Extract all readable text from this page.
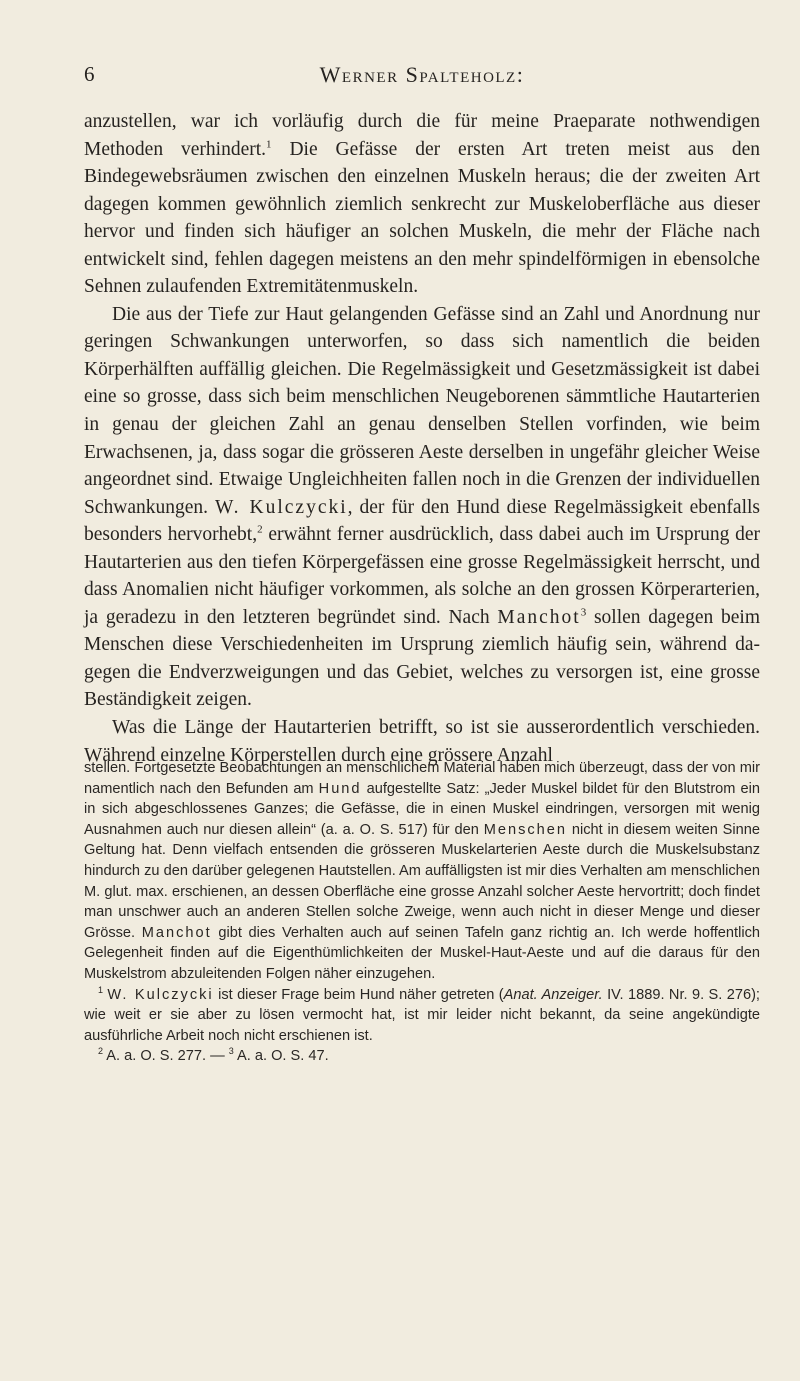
6	Werner Spalteholz:

anzustellen, war ich vorläufig durch die für meine Praeparate nothwendigen Methoden verhindert.$^1$ Die Gefässe der ersten Art treten meist aus den Bindegewebsräumen zwischen den einzelnen Muskeln heraus; die der zweiten Art dagegen kommen gewöhnlich ziemlich senkrecht zur Muskeloberfläche aus dieser hervor und finden sich häufiger an solchen Muskeln, die mehr der Fläche nach entwickelt sind, fehlen dagegen meistens an den mehr spindelförmigen in ebensolche Sehnen zulaufenden Extremitätenmuskeln.

Die aus der Tiefe zur Haut gelangenden Gefässe sind an Zahl und Anordnung nur geringen Schwankungen unterworfen, so dass sich namentlich die beiden Körperhälften auffällig gleichen. Die Regelmässigkeit und Gesetzmässigkeit ist dabei eine so grosse, dass sich beim menschlichen Neugeborenen sämmtliche Hautarterien in genau der gleichen Zahl an genau denselben Stellen vorfinden, wie beim Erwachsenen, ja, dass sogar die grösseren Aeste derselben in ungefähr gleicher Weise angeordnet sind. Etwaige Ungleichheiten fallen noch in die Grenzen der individuellen Schwankungen. W. Kulczycki, der für den Hund diese Regelmässigkeit ebenfalls besonders hervorhebt,$^2$ erwähnt ferner ausdrücklich, dass dabei auch im Ursprung der Hautarterien aus den tiefen Körpergefässen eine grosse Regelmässigkeit herrscht, und dass Anomalien nicht häufiger vorkommen, als solche an den grossen Körperarterien, ja geradezu in den letzteren begründet sind. Nach Manchot$^3$ sollen dagegen beim Menschen diese Verschiedenheiten im Ursprung ziemlich häufig sein, während dagegen die Endverzweigungen und das Gebiet, welches zu versorgen ist, eine grosse Beständigkeit zeigen.

Was die Länge der Hautarterien betrifft, so ist sie ausserordentlich verschieden. Während einzelne Körperstellen durch eine grössere Anzahl

stellen. Fortgesetzte Beobachtungen an menschlichem Material haben mich überzeugt, dass der von mir namentlich nach den Befunden am Hund aufgestellte Satz: „Jeder Muskel bildet für den Blutstrom ein in sich abgeschlossenes Ganzes; die Gefässe, die in einen Muskel eindringen, versorgen mit wenig Ausnahmen auch nur diesen allein“ (a. a. O. S. 517) für den Menschen nicht in diesem weiten Sinne Geltung hat. Denn vielfach entsenden die grösseren Muskelarterien Aeste durch die Muskelsubstanz hindurch zu den darüber gelegenen Hautstellen. Am auffälligsten ist mir dies Verhalten am menschlichen M. glut. max. erschienen, an dessen Oberfläche eine grosse Anzahl solcher Aeste hervortritt; doch findet man unschwer auch an anderen Stellen solche Zweige, wenn auch nicht in dieser Menge und dieser Grösse. Manchot gibt dies Verhalten auch auf seinen Tafeln ganz richtig an. Ich werde hoffentlich Gelegenheit finden auf die Eigenthümlichkeiten der Muskel-Haut-Aeste und auf die daraus für den Muskelstrom abzuleitenden Folgen näher einzugehen.

$^1$ W. Kulczycki ist dieser Frage beim Hund näher getreten (Anat. Anzeiger. IV. 1889. Nr. 9. S. 276); wie weit er sie aber zu lösen vermocht hat, ist mir leider nicht bekannt, da seine angekündigte ausführliche Arbeit noch nicht erschienen ist.

$^2$ A. a. O. S. 277. — $^3$ A. a. O. S. 47.
